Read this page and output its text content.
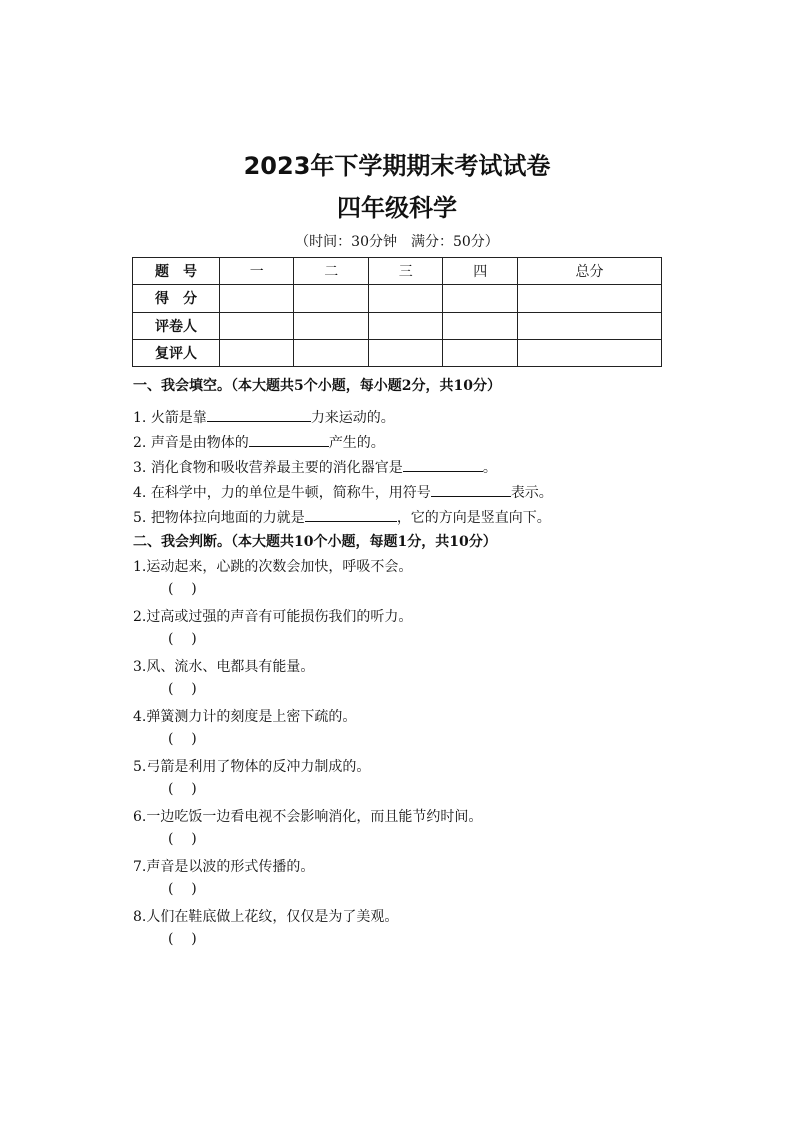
2023年下学期期末考试试卷
四年级科学
（时间：30分钟　满分：50分）
题　号	一	二	三	四	总分
得　分					
评卷人					
复评人					
一、我会填空。（本大题共5个小题，每小题2分，共10分）
1. 火箭是靠	力来运动的。
2. 声音是由物体的	产生的。
3. 消化食物和吸收营养最主要的消化器官是	。
4. 在科学中，力的单位是牛顿，简称牛，用符号	表示。
5. 把物体拉向地面的力就是	，它的方向是竖直向下。
二、我会判断。（本大题共10个小题，每题1分，共10分）
1.运动起来，心跳的次数会加快，呼吸不会。
(    )
2.过高或过强的声音有可能损伤我们的听力。
(    )
3.风、流水、电都具有能量。
(    )
4.弹簧测力计的刻度是上密下疏的。
(    )
5.弓箭是利用了物体的反冲力制成的。
(    )
6.一边吃饭一边看电视不会影响消化，而且能节约时间。
(    )
7.声音是以波的形式传播的。
(    )
8.人们在鞋底做上花纹，仅仅是为了美观。
(    )
